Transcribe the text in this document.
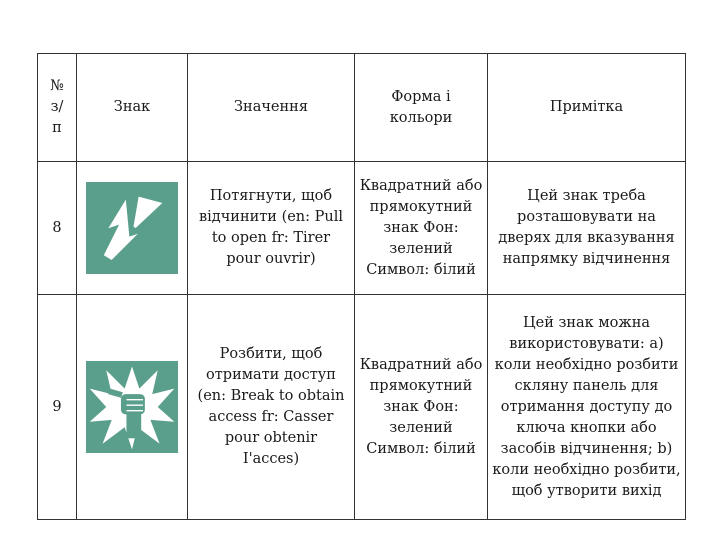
№ з/ п	Знак	Значення	Форма і кольори	Примітка
8		Потягнути, щоб відчинити (en: Pull to open fr: Tirer pour ouvrir)	Квадратний або прямокутний знак Фон: зелений Символ: білий	Цей знак треба розташовувати на дверях для вказування напрямку відчинення
9		Розбити, щоб отримати доступ (en: Break to obtain access fr: Casser pour obtenir I'acces)	Квадратний або прямокутний знак Фон: зелений Символ: білий	Цей знак можна використовувати: а) коли необхідно розбити скляну панель для отримання доступу до ключа кнопки або засобів відчинення; b) коли необхідно розбити, щоб утворити вихід
